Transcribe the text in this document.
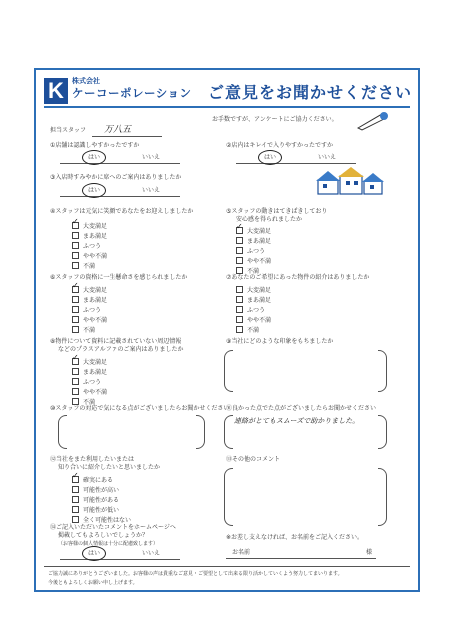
K	株式会社
ケーコーポレーション ご意見をお聞かせください
お手数ですが、アンケートにご協力ください。
担当スタッフ 万八五
①店舗は認識しやすかったですか
はい	いいえ
②店内はキレイで入りやすかったですか
はい	いいえ
③入店時すみやかに席へのご案内はありましたか
はい	いいえ
④スタッフは元気に笑顔であなたをお迎えしましたか
✓大変満足
まあ満足
ふつう
やや不満
不満
⑤スタッフの動きはてきぱきしており
安心感を得られましたか
✓大変満足
まあ満足
ふつう
やや不満
不満
⑥スタッフの資格に一生懸命さを感じられましたか
✓大変満足
まあ満足
ふつう
やや不満
不満
⑦あなたのご希望にあった物件の紹介はありましたか
大変満足
まあ満足
ふつう
やや不満
不満
⑧物件について資料に記載されていない周辺情報
などのプラスアルファのご案内はありましたか
✓大変満足
まあ満足
ふつう
やや不満
不満
⑨当社にどのような印象をもちましたか
⑩スタッフの対応で気になる点がございましたらお聞かせください
⑪良かった点でた点がございましたらお聞かせください
連絡がとてもスムーズで助かりました。
⑫当社をまた利用したいまたは
知り合いに紹介したいと思いましたか
✓確実にある
可能性が高い
可能性がある
可能性が低い
全く可能性はない
⑬その他のコメント
⑭ご記入いただいたコメントをホームページへ
掲載してもよろしいでしょうか？
（お客様の個人情報は十分に配慮致します）
はい	いいえ
※お差し支えなければ、お名前をご記入ください。
お名前	様
ご協力誠にありがとうございました。お客様の声は貴重なご意見・ご要望として出来る限り活かしていくよう努力してまいります。
今後ともよろしくお願い申し上げます。
